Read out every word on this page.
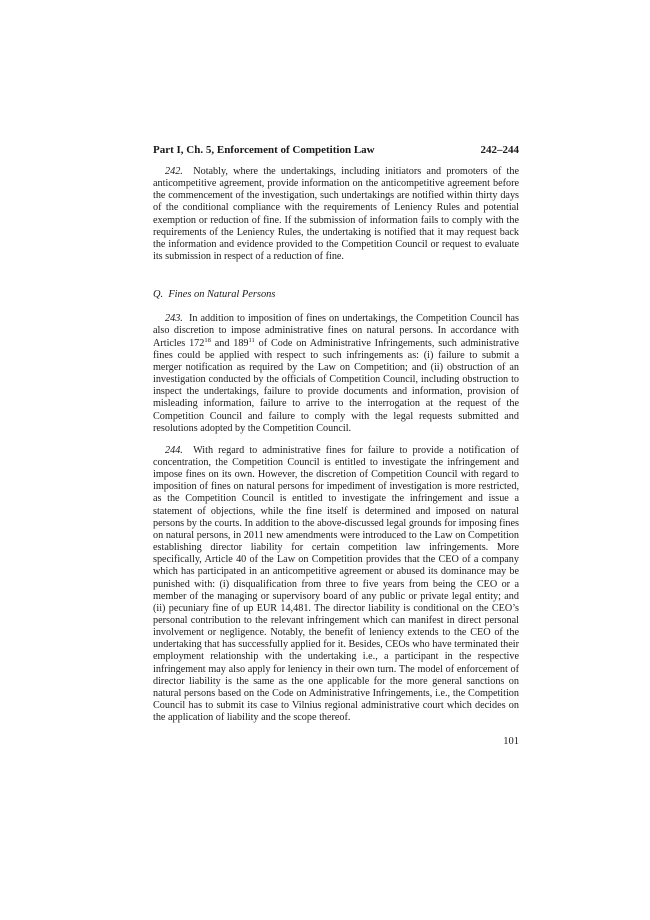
Part I, Ch. 5, Enforcement of Competition Law	242–244

242. Notably, where the undertakings, including initiators and promoters of the anticompetitive agreement, provide information on the anticompetitive agreement before the commencement of the investigation, such undertakings are notified within thirty days of the conditional compliance with the requirements of Leniency Rules and potential exemption or reduction of fine. If the submission of information fails to comply with the requirements of the Leniency Rules, the undertaking is notified that it may request back the information and evidence provided to the Competition Council or request to evaluate its submission in respect of a reduction of fine.

Q. Fines on Natural Persons

243. In addition to imposition of fines on undertakings, the Competition Council has also discretion to impose administrative fines on natural persons. In accordance with Articles $172^{18}$ and $189^{11}$ of Code on Administrative Infringements, such administrative fines could be applied with respect to such infringements as: (i) failure to submit a merger notification as required by the Law on Competition; and (ii) obstruction of an investigation conducted by the officials of Competition Council, including obstruction to inspect the undertakings, failure to provide documents and information, provision of misleading information, failure to arrive to the interrogation at the request of the Competition Council and failure to comply with the legal requests submitted and resolutions adopted by the Competition Council.

244. With regard to administrative fines for failure to provide a notification of concentration, the Competition Council is entitled to investigate the infringement and impose fines on its own. However, the discretion of Competition Council with regard to imposition of fines on natural persons for impediment of investigation is more restricted, as the Competition Council is entitled to investigate the infringement and issue a statement of objections, while the fine itself is determined and imposed on natural persons by the courts. In addition to the above-discussed legal grounds for imposing fines on natural persons, in 2011 new amendments were introduced to the Law on Competition establishing director liability for certain competition law infringements. More specifically, Article 40 of the Law on Competition provides that the CEO of a company which has participated in an anticompetitive agreement or abused its dominance may be punished with: (i) disqualification from three to five years from being the CEO or a member of the managing or supervisory board of any public or private legal entity; and (ii) pecuniary fine of up EUR 14,481. The director liability is conditional on the CEO’s personal contribution to the relevant infringement which can manifest in direct personal involvement or negligence. Notably, the benefit of leniency extends to the CEO of the undertaking that has successfully applied for it. Besides, CEOs who have terminated their employment relationship with the undertaking i.e., a participant in the respective infringement may also apply for leniency in their own turn. The model of enforcement of director liability is the same as the one applicable for the more general sanctions on natural persons based on the Code on Administrative Infringements, i.e., the Competition Council has to submit its case to Vilnius regional administrative court which decides on the application of liability and the scope thereof.

101
